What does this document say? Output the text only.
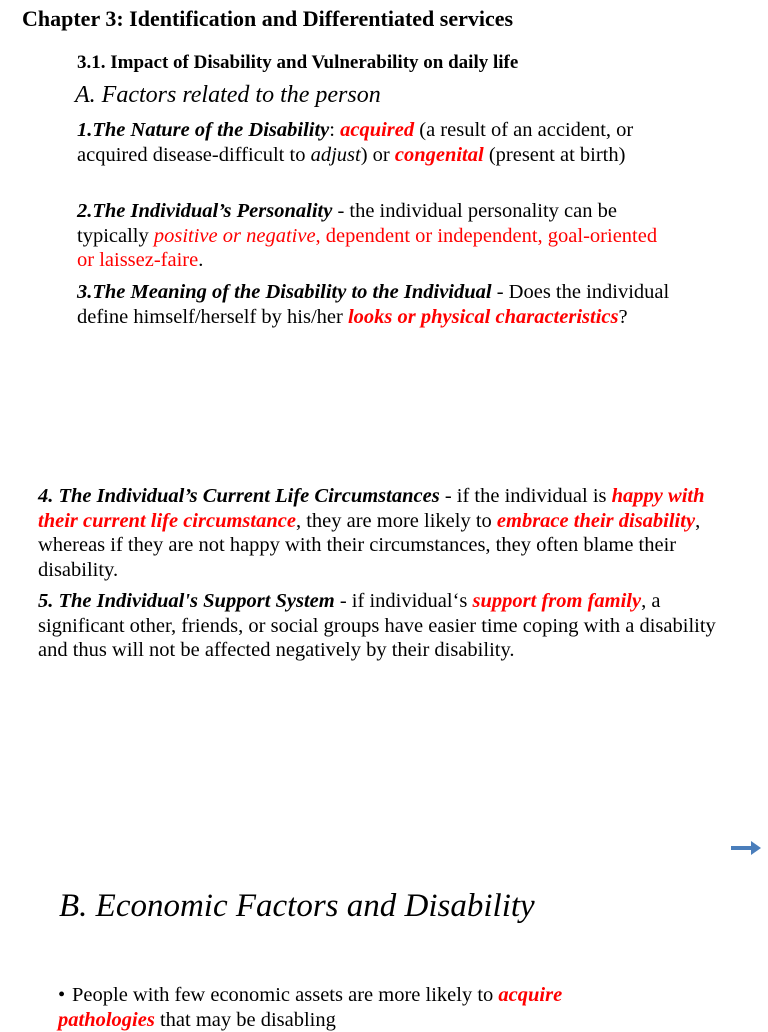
Chapter 3: Identification and Differentiated services
3.1. Impact of Disability and Vulnerability on daily life
A. Factors related to the person
1.The Nature of the Disability: acquired (a result of an accident, or acquired disease-difficult to adjust) or congenital (present at birth)
2.The Individual’s Personality - the individual personality can be typically positive or negative, dependent or independent, goal-oriented or laissez-faire.
3.The Meaning of the Disability to the Individual - Does the individual define himself/herself by his/her looks or physical characteristics?
4. The Individual’s Current Life Circumstances - if the individual is happy with their current life circumstance, they are more likely to embrace their disability, whereas if they are not happy with their circumstances, they often blame their disability.
5. The Individual's Support System - if individual‘s support from family, a significant other, friends, or social groups have easier time coping with a disability and thus will not be affected negatively by their disability.
B. Economic Factors and Disability
• People with few economic assets are more likely to acquire pathologies that may be disabling
